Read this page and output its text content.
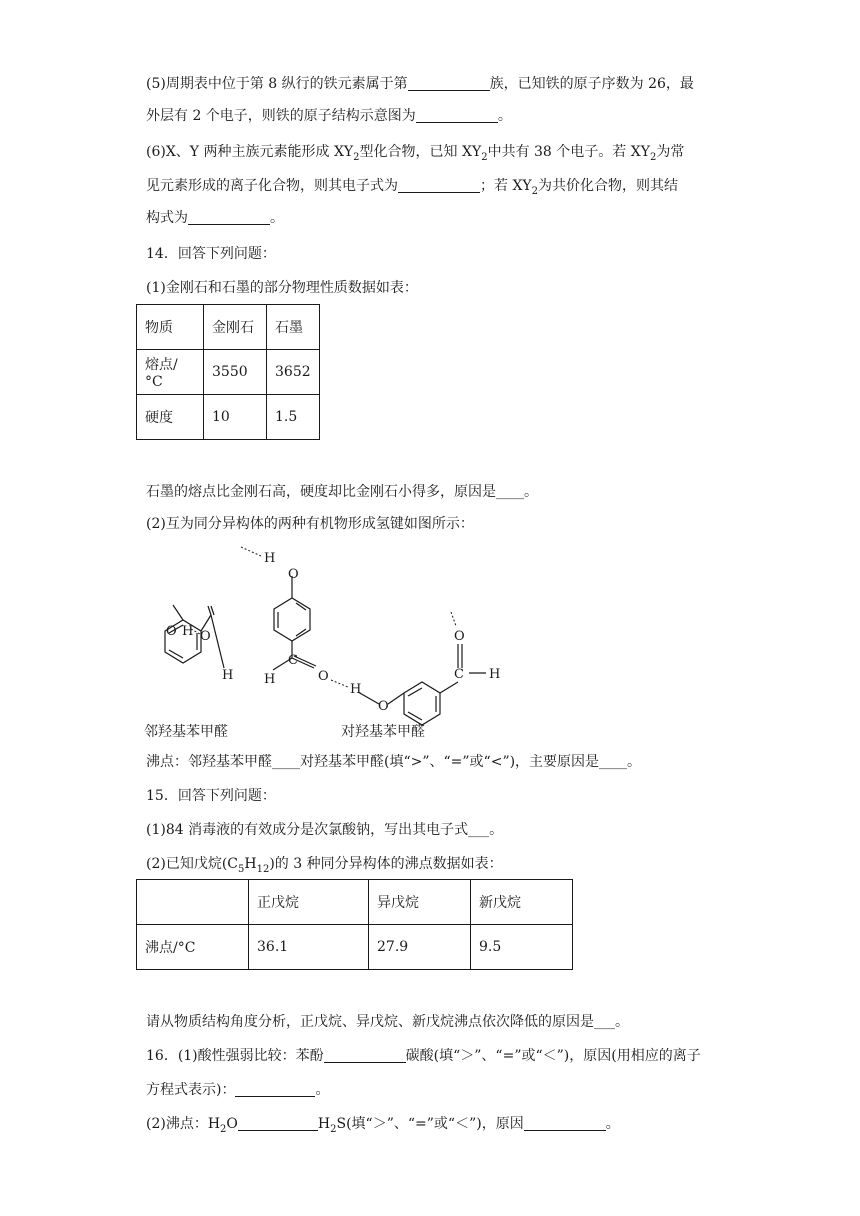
(5)周期表中位于第 8 纵行的铁元素属于第	族，已知铁的原子序数为 26，最
外层有 2 个电子，则铁的原子结构示意图为	。
(6)X、Y 两种主族元素能形成 $XY_2$型化合物，已知 $XY_2$中共有 38 个电子。若 $XY_2$为常
见元素形成的离子化合物，则其电子式为	；若 $XY_2$为共价化合物，则其结
构式为	。
14．回答下列问题：
(1)金刚石和石墨的部分物理性质数据如表：
物质	金刚石	石墨
熔点/°C	3550	3652
硬度	10	1.5
石墨的熔点比金刚石高，硬度却比金刚石小得多，原因是____。
(2)互为同分异构体的两种有机物形成氢键如图所示：
O H O
H
H
O
C
H	O
H
O
O
C H
邻羟基苯甲醛	对羟基苯甲醛
沸点：邻羟基苯甲醛____对羟基苯甲醛(填“>”、“=”或“<”)，主要原因是____。
15．回答下列问题：
(1)84 消毒液的有效成分是次氯酸钠，写出其电子式___。
(2)已知戊烷$(C_5H_{12})$的 3 种同分异构体的沸点数据如表：
	正戊烷	异戊烷	新戊烷
沸点/°C	36.1	27.9	9.5
请从物质结构角度分析，正戊烷、异戊烷、新戊烷沸点依次降低的原因是___。
16．(1)酸性强弱比较：苯酚	碳酸(填“＞”、“=”或“＜”)，原因(用相应的离子
方程式表示)：	。
(2)沸点：$H_2O$	$H_2S$(填“＞”、“=”或“＜”)，原因	。
